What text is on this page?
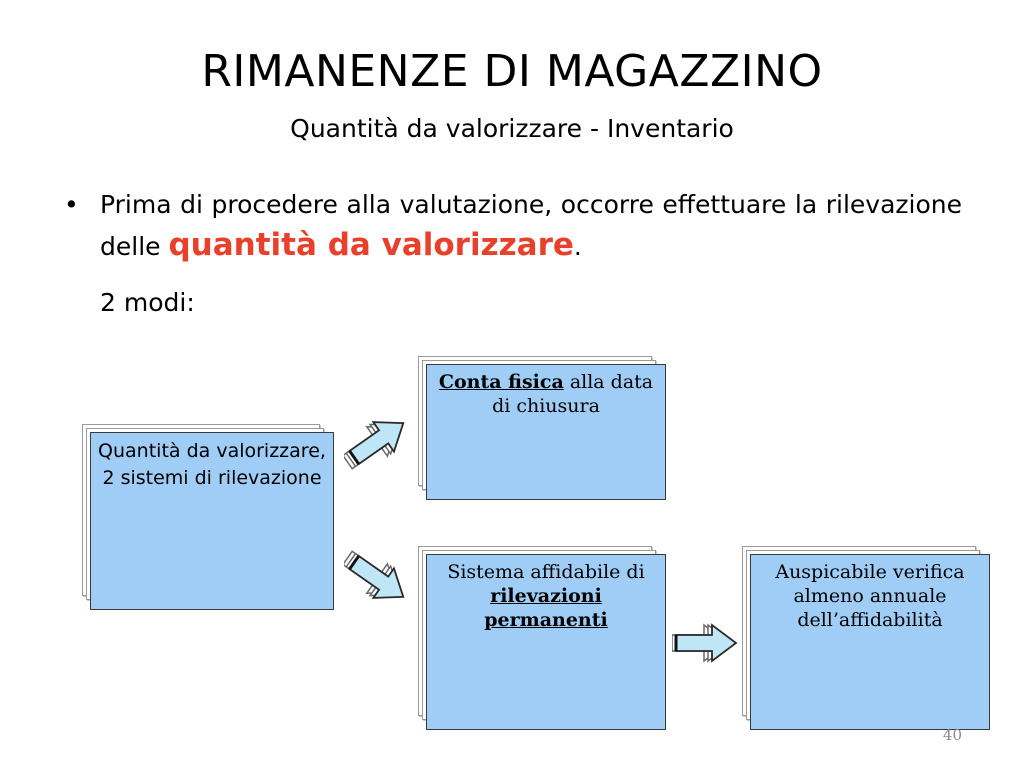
RIMANENZE DI MAGAZZINO
Quantità da valorizzare - Inventario
• Prima di procedere alla valutazione, occorre effettuare la rilevazione delle quantità da valorizzare.
2 modi:
Quantità da valorizzare, 2 sistemi di rilevazione
Conta fisica alla data di chiusura
Sistema affidabile di
rilevazioni permanenti
Auspicabile verifica almeno annuale dell’affidabilità
40
